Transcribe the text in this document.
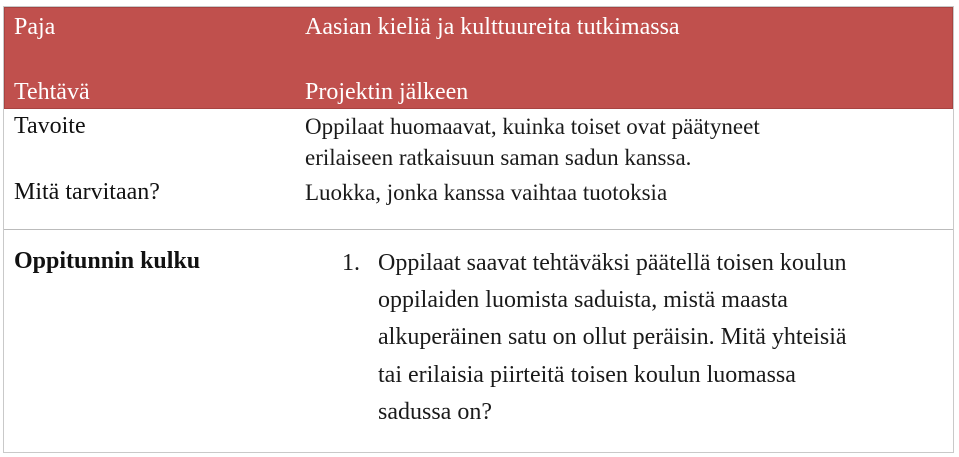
Paja	Aasian kieliä ja kulttuureita tutkimassa
Tehtävä	Projektin jälkeen
Tavoite	Oppilaat huomaavat, kuinka toiset ovat päätyneet
erilaiseen ratkaisuun saman sadun kanssa.
Mitä tarvitaan?	Luokka, jonka kanssa vaihtaa tuotoksia
Oppitunnin kulku	1. Oppilaat saavat tehtäväksi päätellä toisen koulun
oppilaiden luomista saduista, mistä maasta
alkuperäinen satu on ollut peräisin. Mitä yhteisiä
tai erilaisia piirteitä toisen koulun luomassa
sadussa on?
